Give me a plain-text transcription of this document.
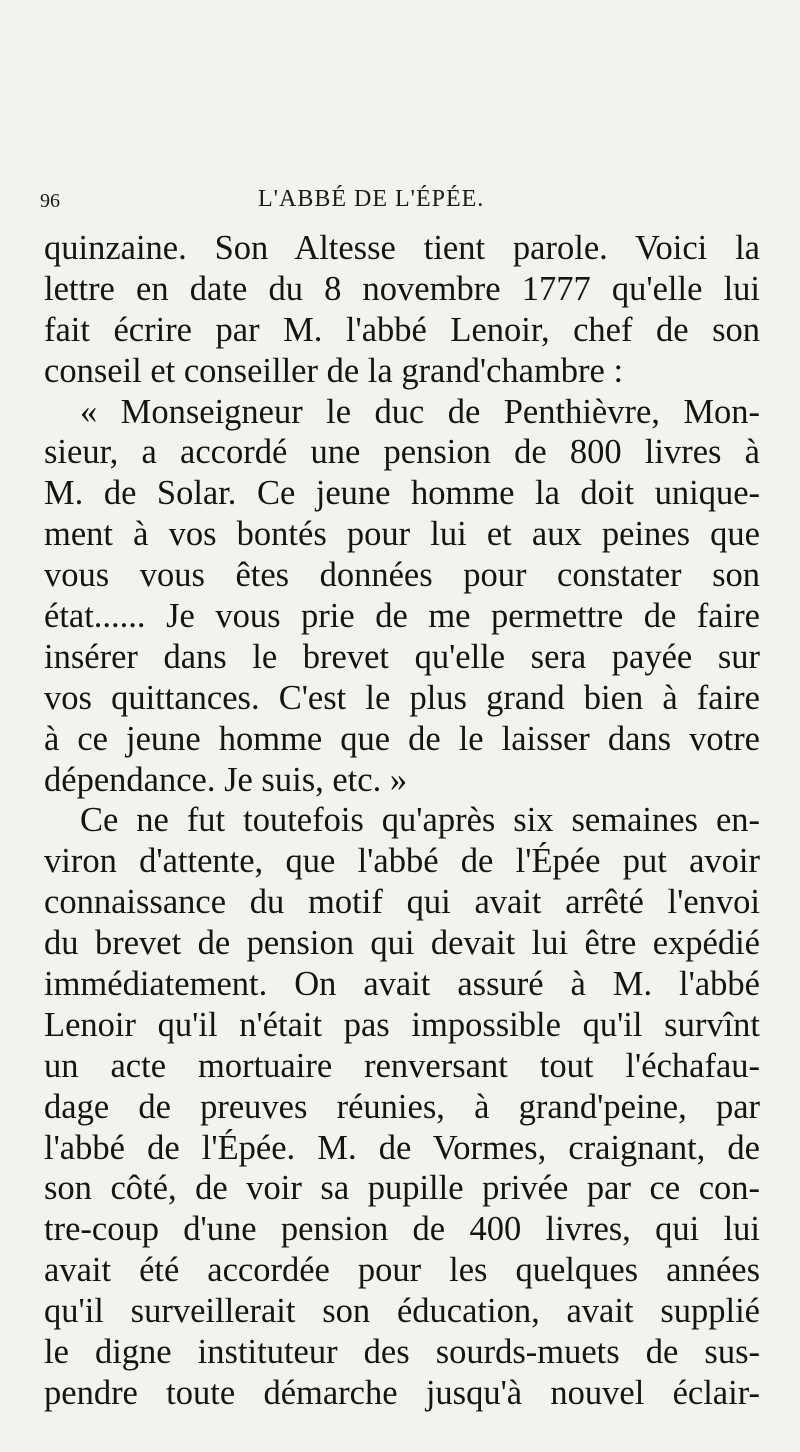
96	L'ABBÉ DE L'ÉPÉE.
quinzaine. Son Altesse tient parole. Voici la
lettre en date du 8 novembre 1777 qu'elle lui
fait écrire par M. l'abbé Lenoir, chef de son
conseil et conseiller de la grand'chambre :
« Monseigneur le duc de Penthièvre, Mon-
sieur, a accordé une pension de 800 livres à
M. de Solar. Ce jeune homme la doit unique-
ment à vos bontés pour lui et aux peines que
vous vous êtes données pour constater son
état...... Je vous prie de me permettre de faire
insérer dans le brevet qu'elle sera payée sur
vos quittances. C'est le plus grand bien à faire
à ce jeune homme que de le laisser dans votre
dépendance. Je suis, etc. »
Ce ne fut toutefois qu'après six semaines en-
viron d'attente, que l'abbé de l'Épée put avoir
connaissance du motif qui avait arrêté l'envoi
du brevet de pension qui devait lui être expédié
immédiatement. On avait assuré à M. l'abbé
Lenoir qu'il n'était pas impossible qu'il survînt
un acte mortuaire renversant tout l'échafau-
dage de preuves réunies, à grand'peine, par
l'abbé de l'Épée. M. de Vormes, craignant, de
son côté, de voir sa pupille privée par ce con-
tre-coup d'une pension de 400 livres, qui lui
avait été accordée pour les quelques années
qu'il surveillerait son éducation, avait supplié
le digne instituteur des sourds-muets de sus-
pendre toute démarche jusqu'à nouvel éclair-
